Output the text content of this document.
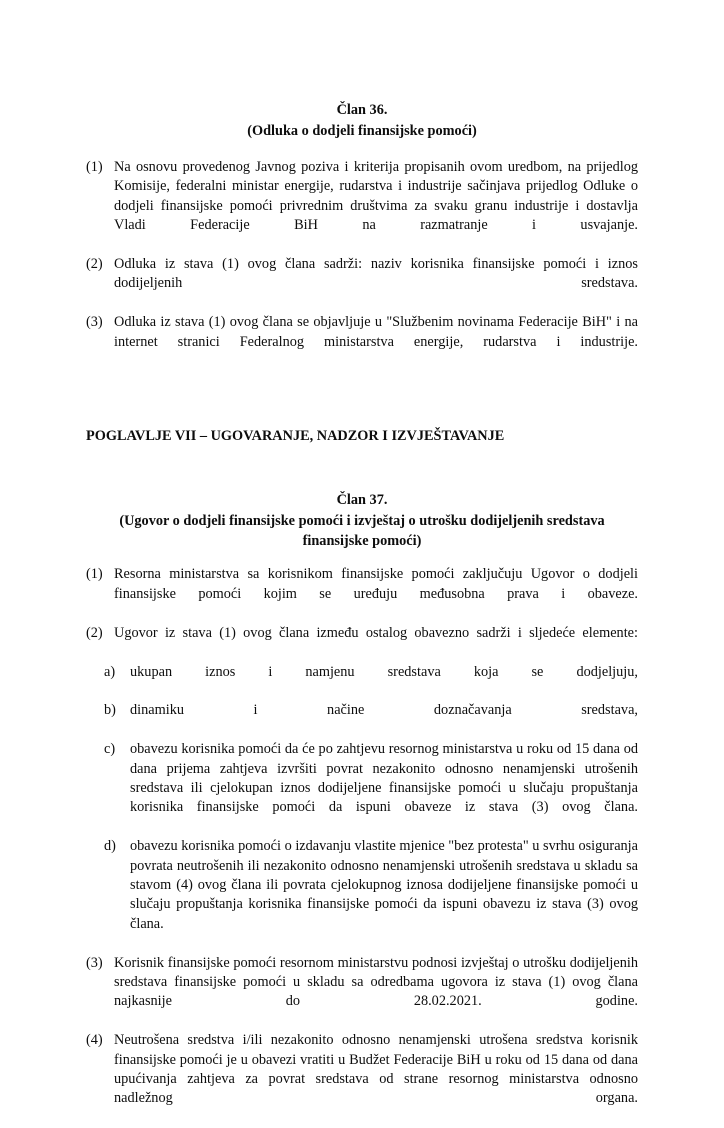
Član 36.
(Odluka o dodjeli finansijske pomoći)
(1) Na osnovu provedenog Javnog poziva i kriterija propisanih ovom uredbom, na prijedlog Komisije, federalni ministar energije, rudarstva i industrije sačinjava prijedlog Odluke o dodjeli finansijske pomoći privrednim društvima za svaku granu industrije i dostavlja Vladi Federacije BiH na razmatranje i usvajanje.
(2) Odluka iz stava (1) ovog člana sadrži: naziv korisnika finansijske pomoći i iznos dodijeljenih sredstava.
(3) Odluka iz stava (1) ovog člana se objavljuje u "Službenim novinama Federacije BiH" i na internet stranici Federalnog ministarstva energije, rudarstva i industrije.
POGLAVLJE VII – UGOVARANJE, NADZOR I IZVJEŠTAVANJE
Član 37.
(Ugovor o dodjeli finansijske pomoći i izvještaj o utrošku dodijeljenih sredstava
finansijske pomoći)
(1) Resorna ministarstva sa korisnikom finansijske pomoći zaključuju Ugovor o dodjeli finansijske pomoći kojim se uređuju međusobna prava i obaveze.
(2) Ugovor iz stava (1) ovog člana između ostalog obavezno sadrži i sljedeće elemente:
a)	ukupan iznos i namjenu sredstava koja se dodjeljuju,
b) dinamiku i načine doznačavanja sredstava,
c)	obavezu korisnika pomoći da će po zahtjevu resornog ministarstva u roku od 15 dana od dana prijema zahtjeva izvršiti povrat nezakonito odnosno nenamjenski utrošenih sredstava ili cjelokupan iznos dodijeljene finansijske pomoći u slučaju propuštanja korisnika finansijske pomoći da ispuni obaveze iz stava (3) ovog člana.
d) obavezu korisnika pomoći o izdavanju vlastite mjenice "bez protesta" u svrhu osiguranja povrata neutrošenih ili nezakonito odnosno nenamjenski utrošenih sredstava u skladu sa stavom (4) ovog člana ili povrata cjelokupnog iznosa dodijeljene finansijske pomoći u slučaju propuštanja korisnika finansijske pomoći da ispuni obavezu iz stava (3) ovog člana.
(3) Korisnik finansijske pomoći resornom ministarstvu podnosi izvještaj o utrošku dodijeljenih sredstava finansijske pomoći u skladu sa odredbama ugovora iz stava (1) ovog člana najkasnije do 28.02.2021. godine.
(4) Neutrošena sredstva i/ili nezakonito odnosno nenamjenski utrošena sredstva korisnik finansijske pomoći je u obavezi vratiti u Budžet Federacije BiH u roku od 15 dana od dana upućivanja zahtjeva za povrat sredstava od strane resornog ministarstva odnosno nadležnog organa.
